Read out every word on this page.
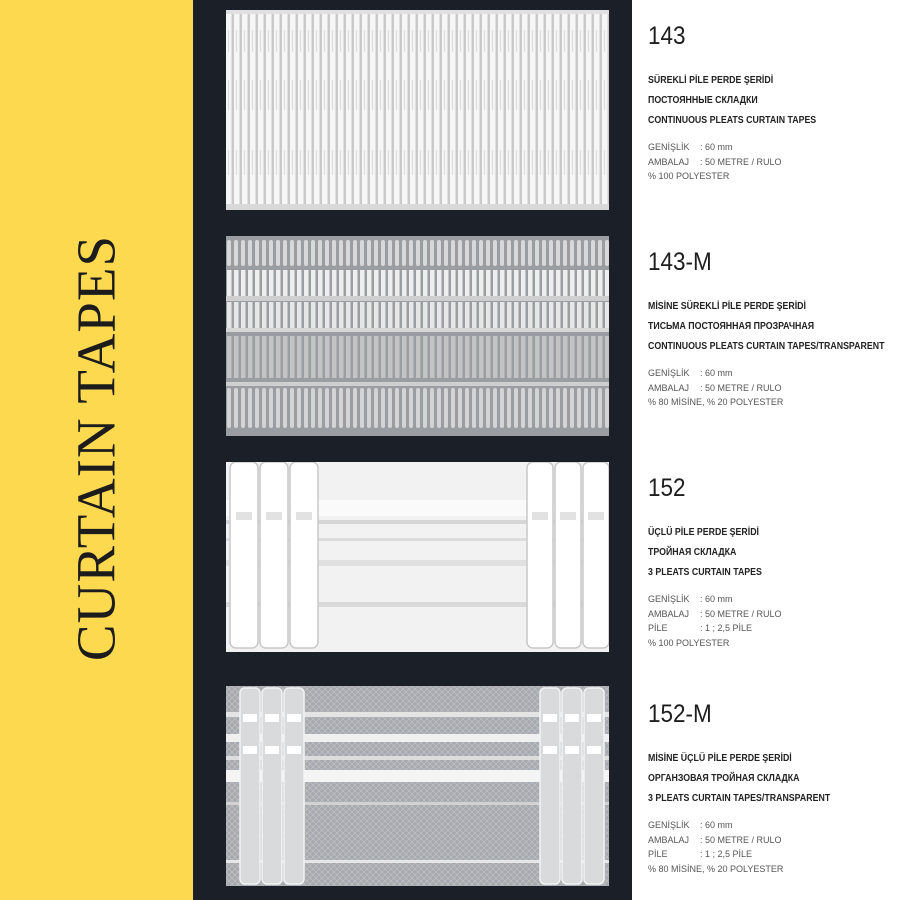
CURTAIN TAPES
143
SÜREKLİ PİLE PERDE ŞERİDİ
ПОСТОЯННЫЕ СКЛАДКИ
CONTINUOUS PLEATS CURTAIN TAPES
GENİŞLİK : 60 mm
AMBALAJ : 50 METRE / RULO
% 100 POLYESTER
143-M
MİSİNE SÜREKLİ PİLE PERDE ŞERİDİ
ТИСЬМА ПОСТОЯННАЯ ПРОЗРАЧНАЯ
CONTINUOUS PLEATS CURTAIN TAPES/TRANSPARENT
GENİŞLİK : 60 mm
AMBALAJ : 50 METRE / RULO
% 80 MİSİNE, % 20 POLYESTER
152
ÜÇLÜ PİLE PERDE ŞERİDİ
ТРОЙНАЯ СКЛАДКА
3 PLEATS CURTAIN TAPES
GENİŞLİK : 60 mm
AMBALAJ : 50 METRE / RULO
PİLE	: 1 ; 2,5 PİLE
% 100 POLYESTER
152-M
MİSİNE ÜÇLÜ PİLE PERDE ŞERİDİ
ОРГАНЗОВАЯ ТРОЙНАЯ СКЛАДКА
3 PLEATS CURTAIN TAPES/TRANSPARENT
GENİŞLİK : 60 mm
AMBALAJ : 50 METRE / RULO
PİLE	: 1 ; 2,5 PİLE
% 80 MİSİNE, % 20 POLYESTER
